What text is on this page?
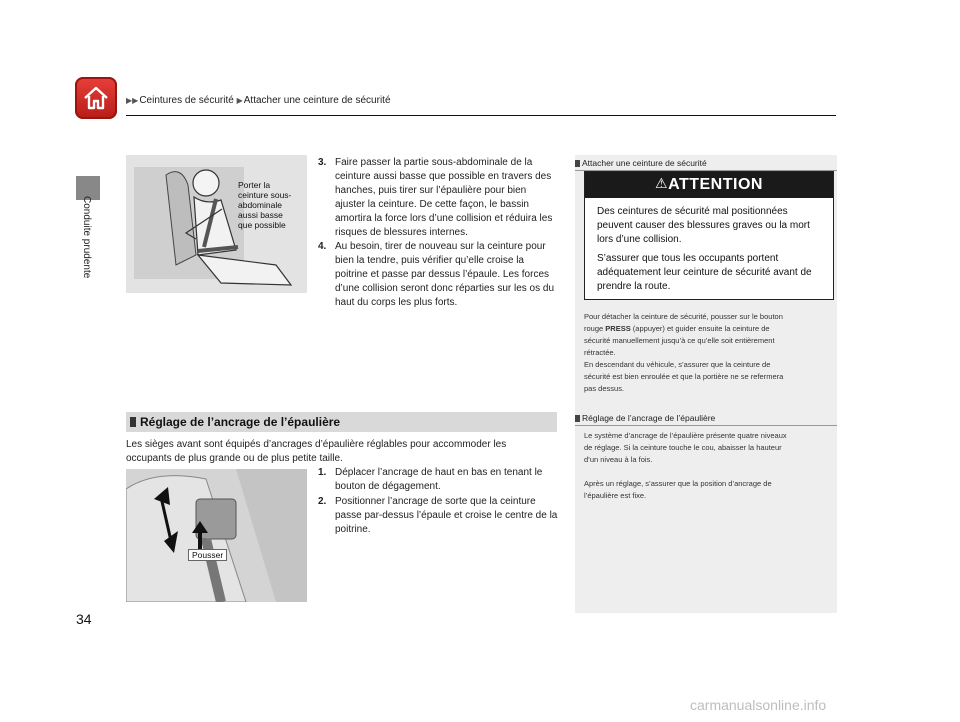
▶▶Ceintures de sécurité ▶Attacher une ceinture de sécurité
Conduite prudente
Porter la
ceinture sous-
abdominale
aussi basse
que possible
3. Faire passer la partie sous-abdominale de la
ceinture aussi basse que possible en travers des
hanches, puis tirer sur l’épaulière pour bien
ajuster la ceinture. De cette façon, le bassin
amortira la force lors d’une collision et réduira les
risques de blessures internes.
4. Au besoin, tirer de nouveau sur la ceinture pour
bien la tendre, puis vérifier qu’elle croise la
poitrine et passe par dessus l’épaule. Les forces
d’une collision seront donc réparties sur les os du
haut du corps les plus forts.
Attacher une ceinture de sécurité
⚠ATTENTION
Des ceintures de sécurité mal positionnées
peuvent causer des blessures graves ou la mort
lors d’une collision.
S’assurer que tous les occupants portent
adéquatement leur ceinture de sécurité avant de
prendre la route.
Pour détacher la ceinture de sécurité, pousser sur le bouton
rouge PRESS (appuyer) et guider ensuite la ceinture de
sécurité manuellement jusqu’à ce qu’elle soit entièrement
rétractée.
En descendant du véhicule, s’assurer que la ceinture de
sécurité est bien enroulée et que la portière ne se refermera
pas dessus.
Réglage de l’ancrage de l’épaulière
Le système d’ancrage de l’épaulière présente quatre niveaux
de réglage. Si la ceinture touche le cou, abaisser la hauteur
d’un niveau à la fois.
Après un réglage, s’assurer que la position d’ancrage de
l’épaulière est fixe.
Réglage de l’ancrage de l’épaulière
Les sièges avant sont équipés d’ancrages d’épaulière réglables pour accommoder les
occupants de plus grande ou de plus petite taille.
Pousser
1. Déplacer l’ancrage de haut en bas en tenant le
bouton de dégagement.
2. Positionner l’ancrage de sorte que la ceinture
passe par-dessus l’épaule et croise le centre de la
poitrine.
34
carmanualsonline.info
